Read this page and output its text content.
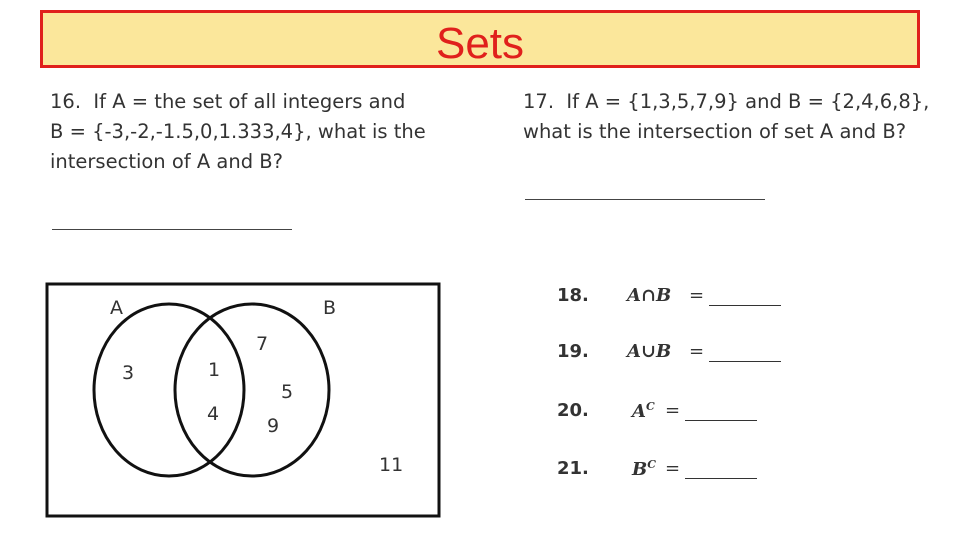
Sets
16.  If A = the set of all integers and
B = {-3,-2,-1.5,0,1.333,4}, what is the
intersection of A and B?
17.  If A = {1,3,5,7,9} and B = {2,4,6,8},
what is the intersection of set A and B?
A	B
3	1
4
7
5
9
11
18.	A∩B =
19.	A∪B =
20.	$A^C$ =
21.	$B^C$ =
